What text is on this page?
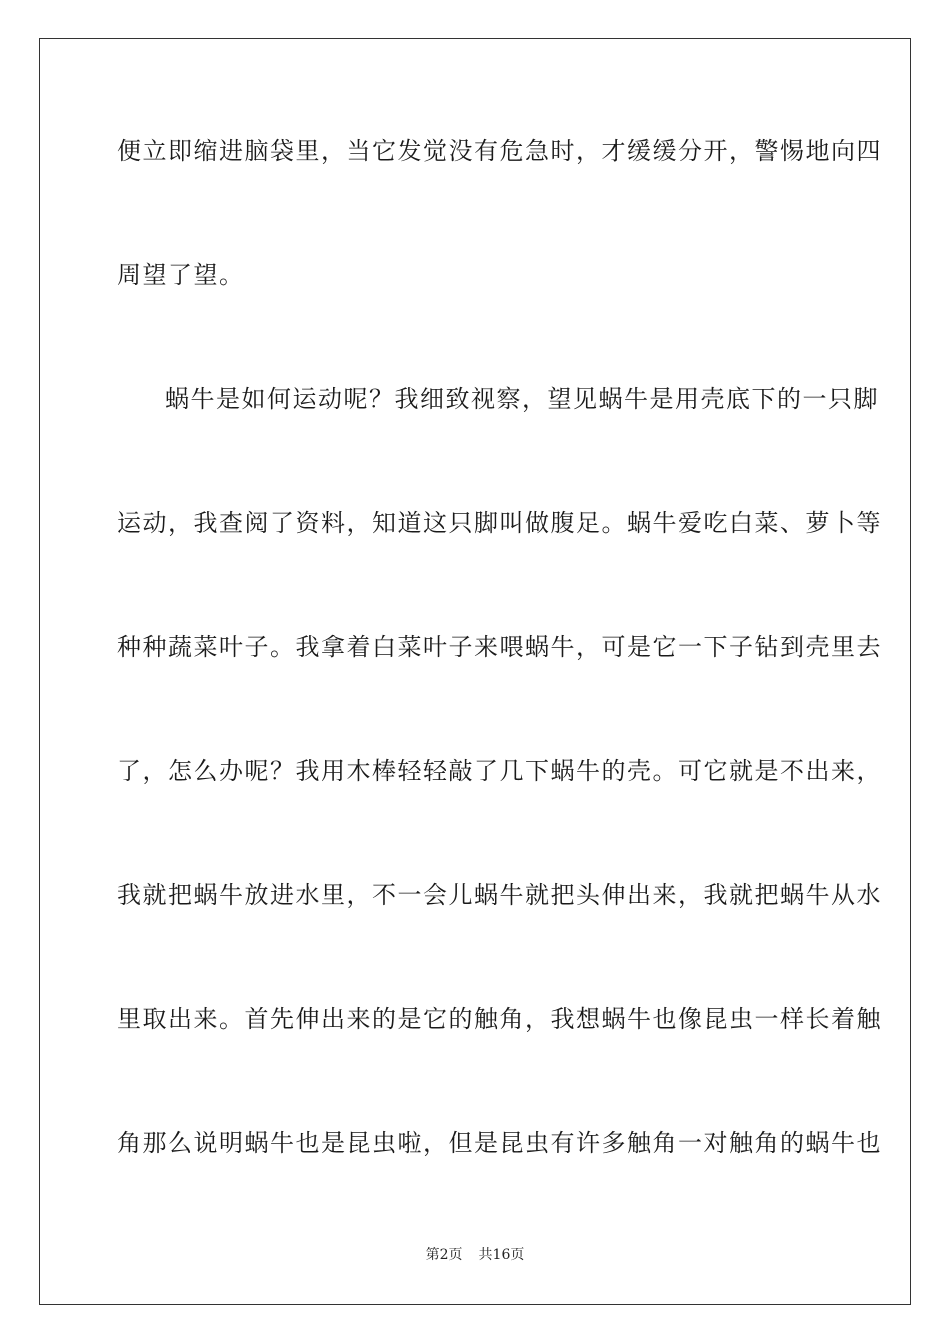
便立即缩进脑袋里，当它发觉没有危急时，才缓缓分开，警惕地向四
周望了望。
蜗牛是如何运动呢？我细致视察，望见蜗牛是用壳底下的一只脚
运动，我查阅了资料，知道这只脚叫做腹足。蜗牛爱吃白菜、萝卜等
种种蔬菜叶子。我拿着白菜叶子来喂蜗牛，可是它一下子钻到壳里去
了，怎么办呢？我用木棒轻轻敲了几下蜗牛的壳。可它就是不出来，
我就把蜗牛放进水里，不一会儿蜗牛就把头伸出来，我就把蜗牛从水
里取出来。首先伸出来的是它的触角，我想蜗牛也像昆虫一样长着触
角那么说明蜗牛也是昆虫啦，但是昆虫有许多触角一对触角的蜗牛也
第2页 共16页
